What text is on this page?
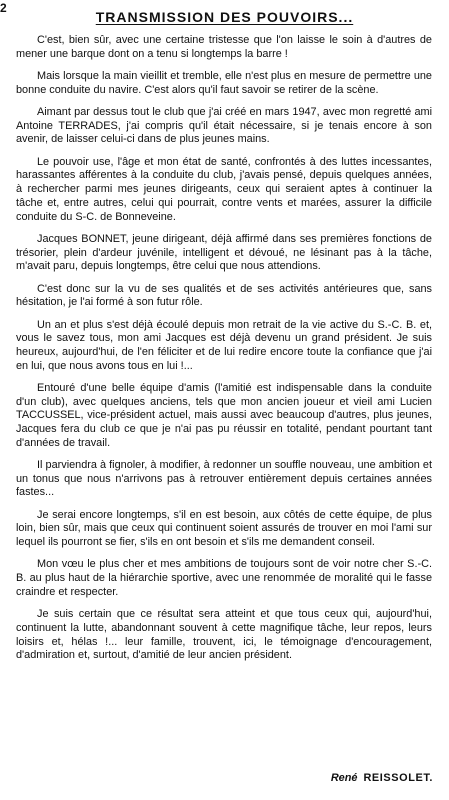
2
TRANSMISSION DES POUVOIRS...

C'est, bien sûr, avec une certaine tristesse que l'on laisse le soin à d'autres de mener une barque dont on a tenu si longtemps la barre !

Mais lorsque la main vieillit et tremble, elle n'est plus en mesure de permettre une bonne conduite du navire. C'est alors qu'il faut savoir se retirer de la scène.

Aimant par dessus tout le club que j'ai créé en mars 1947, avec mon regretté ami Antoine TERRADES, j'ai compris qu'il était nécessaire, si je tenais encore à son avenir, de laisser celui-ci dans de plus jeunes mains.

Le pouvoir use, l'âge et mon état de santé, confrontés à des luttes incessantes, harassantes afférentes à la conduite du club, j'avais pensé, depuis quelques années, à rechercher parmi mes jeunes dirigeants, ceux qui seraient aptes à continuer la tâche et, entre autres, celui qui pourrait, contre vents et marées, assurer la difficile conduite du S-C. de Bonneveine.

Jacques BONNET, jeune dirigeant, déjà affirmé dans ses premières fonctions de trésorier, plein d'ardeur juvénile, intelligent et dévoué, ne lésinant pas à la tâche, m'avait paru, depuis longtemps, être celui que nous attendions.

C'est donc sur la vu de ses qualités et de ses activités antérieures que, sans hésitation, je l'ai formé à son futur rôle.

Un an et plus s'est déjà écoulé depuis mon retrait de la vie active du S.-C. B. et, vous le savez tous, mon ami Jacques est déjà devenu un grand président. Je suis heureux, aujourd'hui, de l'en féliciter et de lui redire encore toute la confiance que j'ai en lui, que nous avons tous en lui !...

Entouré d'une belle équipe d'amis (l'amitié est indispensable dans la conduite d'un club), avec quelques anciens, tels que mon ancien joueur et vieil ami Lucien TACCUSSEL, vice-président actuel, mais aussi avec beaucoup d'autres, plus jeunes, Jacques fera du club ce que je n'ai pas pu réussir en totalité, pendant pourtant tant d'années de travail.

Il parviendra à fignoler, à modifier, à redonner un souffle nouveau, une ambition et un tonus que nous n'arrivons pas à retrouver entièrement depuis certaines années fastes...

Je serai encore longtemps, s'il en est besoin, aux côtés de cette équipe, de plus loin, bien sûr, mais que ceux qui continuent soient assurés de trouver en moi l'ami sur lequel ils pourront se fier, s'ils en ont besoin et s'ils me demandent conseil.

Mon vœu le plus cher et mes ambitions de toujours sont de voir notre cher S.-C. B. au plus haut de la hiérarchie sportive, avec une renommée de moralité qui le fasse craindre et respecter.

Je suis certain que ce résultat sera atteint et que tous ceux qui, aujourd'hui, continuent la lutte, abandonnant souvent à cette magnifique tâche, leur repos, leurs loisirs et, hélas !... leur famille, trouvent, ici, le témoignage d'encouragement, d'admiration et, surtout, d'amitié de leur ancien président.

René REISSOLET.
